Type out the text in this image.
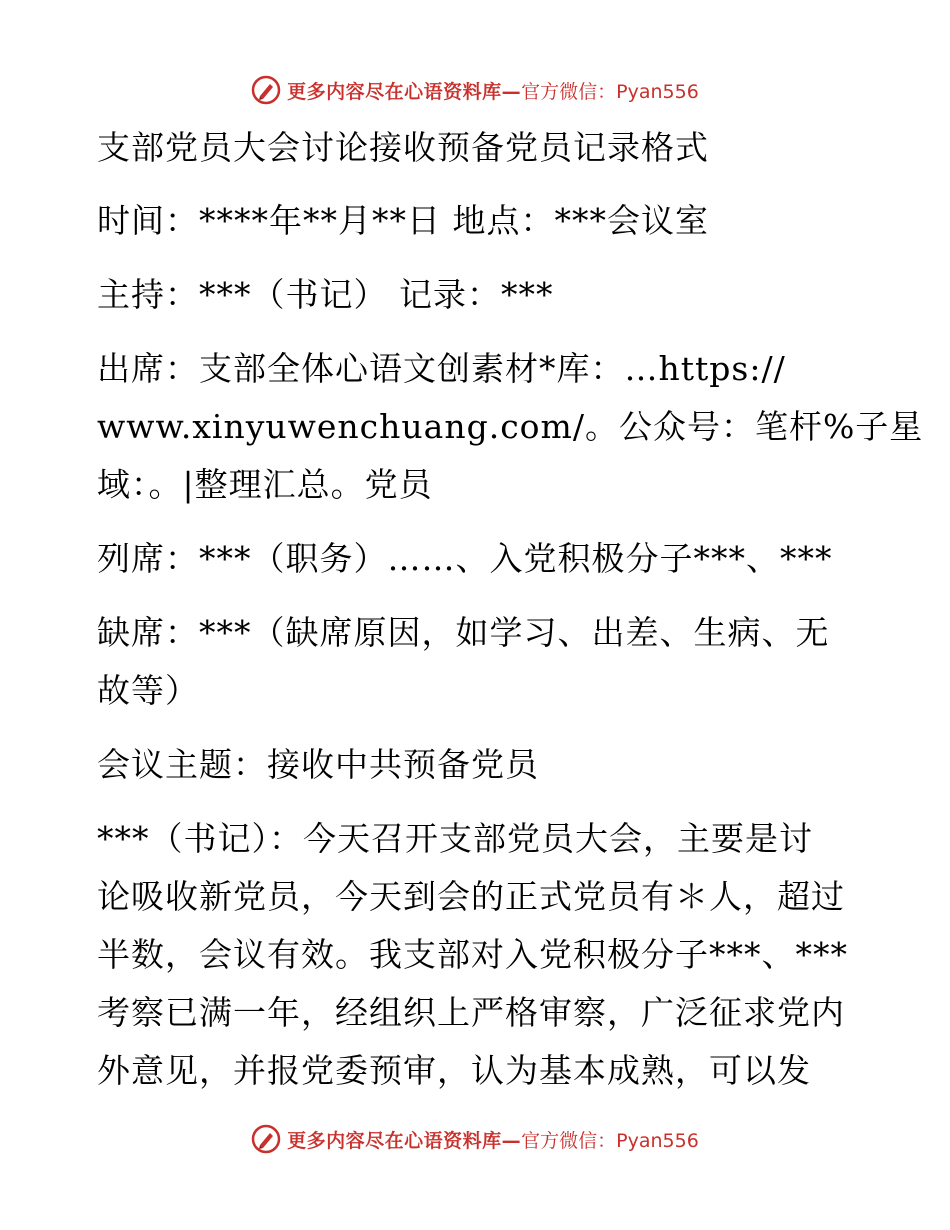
更多内容尽在心语资料库— 官方微信：Pyan556
支部党员大会讨论接收预备党员记录格式
时间：****年**月**日 地点：***会议室
主持：***（书记） 记录：***
出席：支部全体心语文创素材*库：…https://
www.xinyuwenchuang.com/。公众号：笔杆%子星
域：。|整理汇总。党员
列席：***（职务）……、入党积极分子***、***
缺席：***（缺席原因，如学习、出差、生病、无
故等）
会议主题：接收中共预备党员
***（书记）：今天召开支部党员大会，主要是讨
论吸收新党员，今天到会的正式党员有＊人，超过
半数，会议有效。我支部对入党积极分子***、***
考察已满一年，经组织上严格审察，广泛征求党内
外意见，并报党委预审，认为基本成熟，可以发
更多内容尽在心语资料库— 官方微信：Pyan556
